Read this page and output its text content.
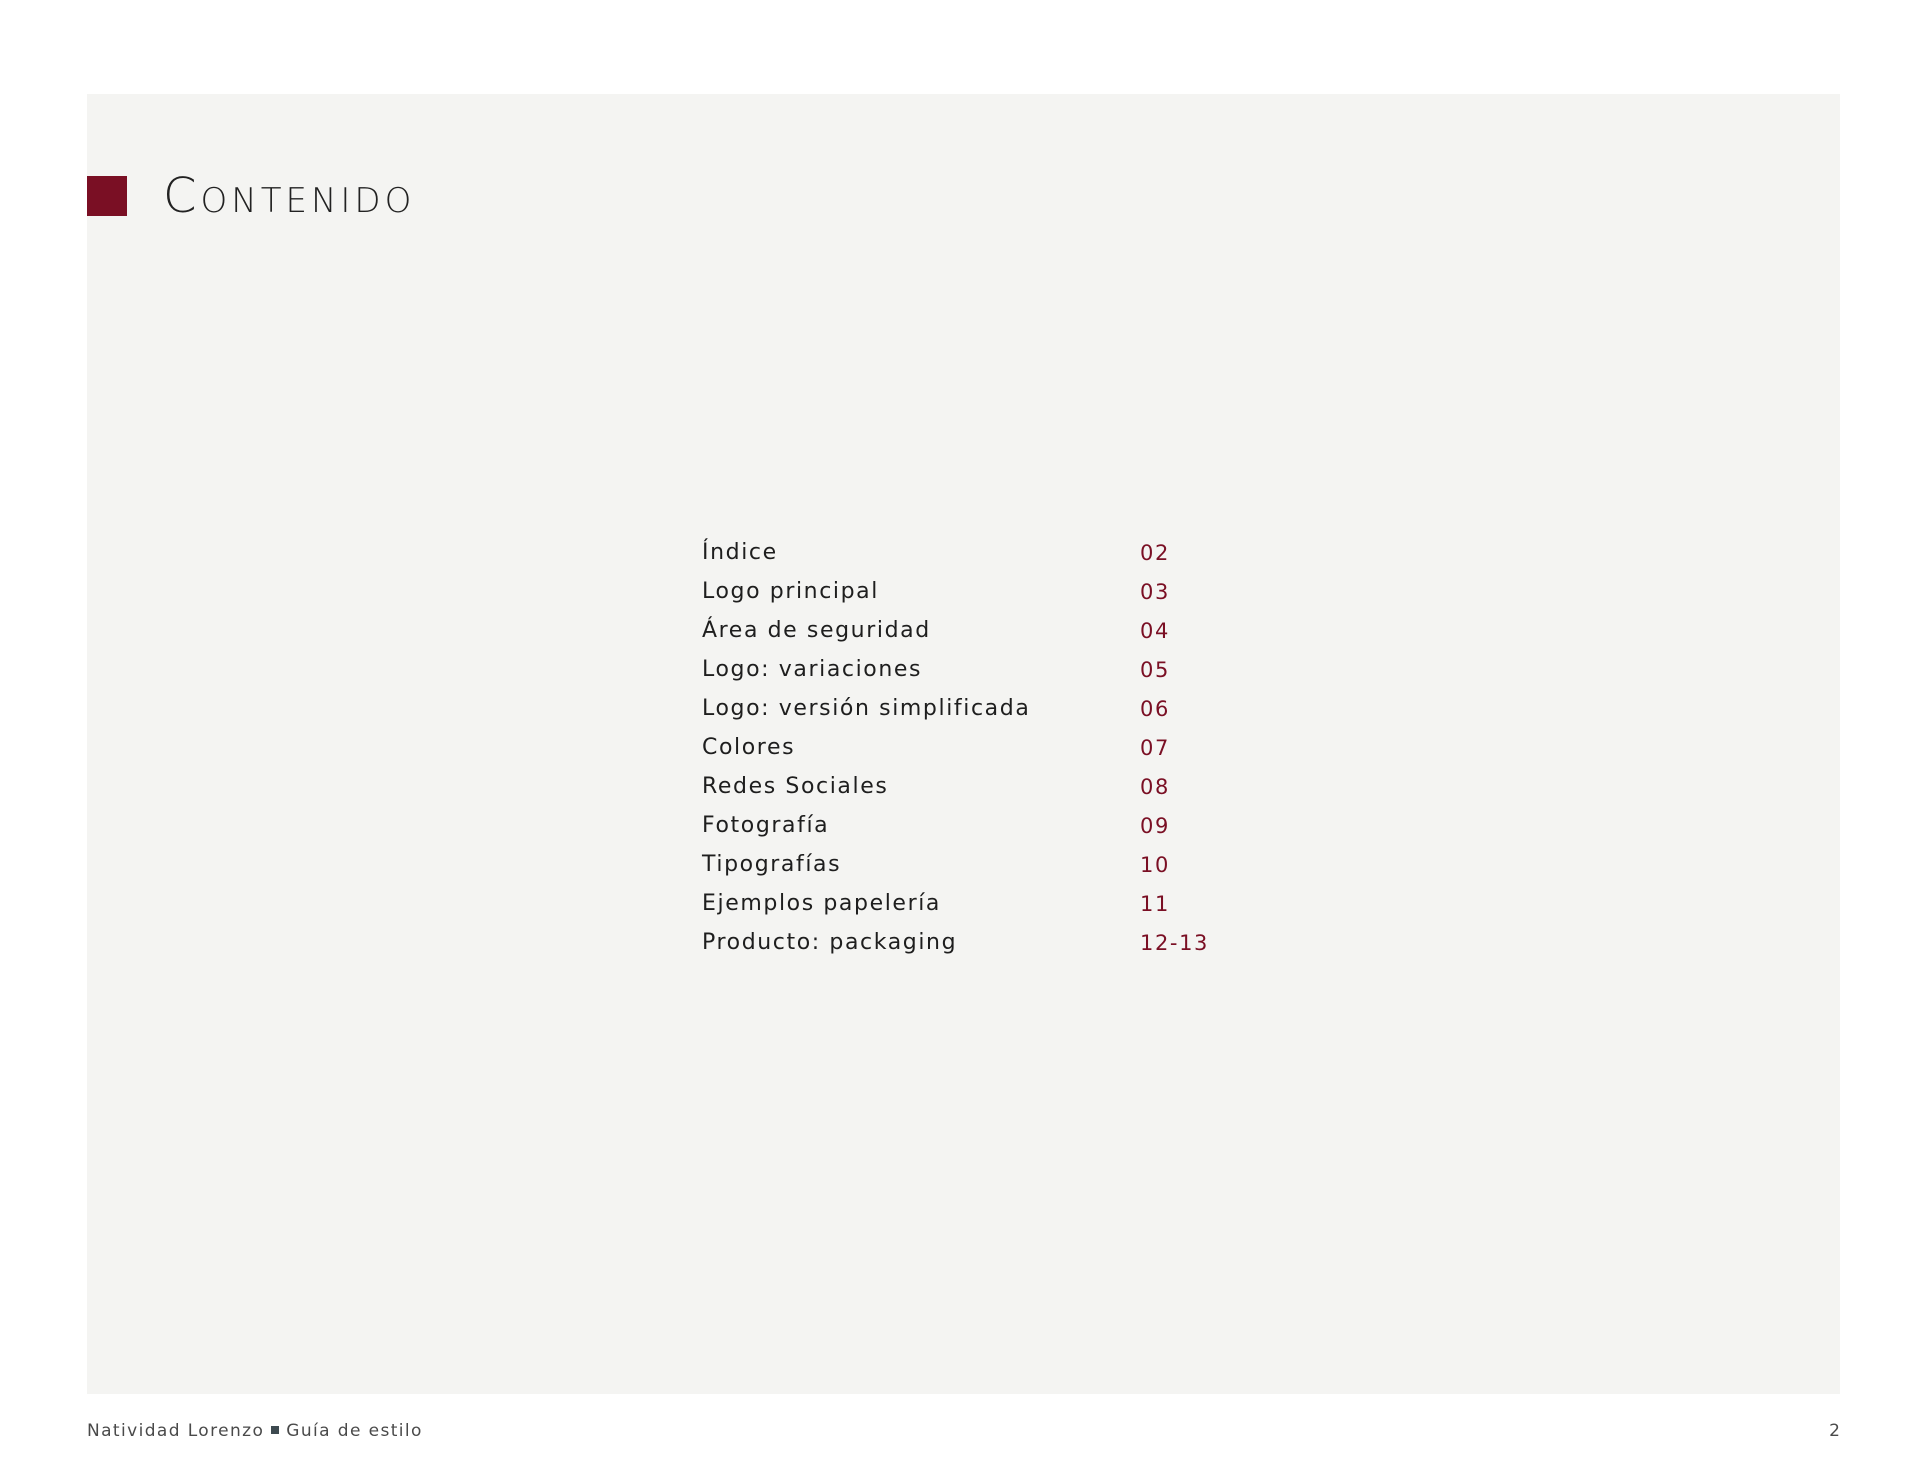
Contenido
Índice	02
Logo principal	03
Área de seguridad	04
Logo: variaciones	05
Logo: versión simplificada	06
Colores	07
Redes Sociales	08
Fotografía	09
Tipografías	10
Ejemplos papelería	11
Producto: packaging	12-13
Natividad Lorenzo Guía de estilo	2
